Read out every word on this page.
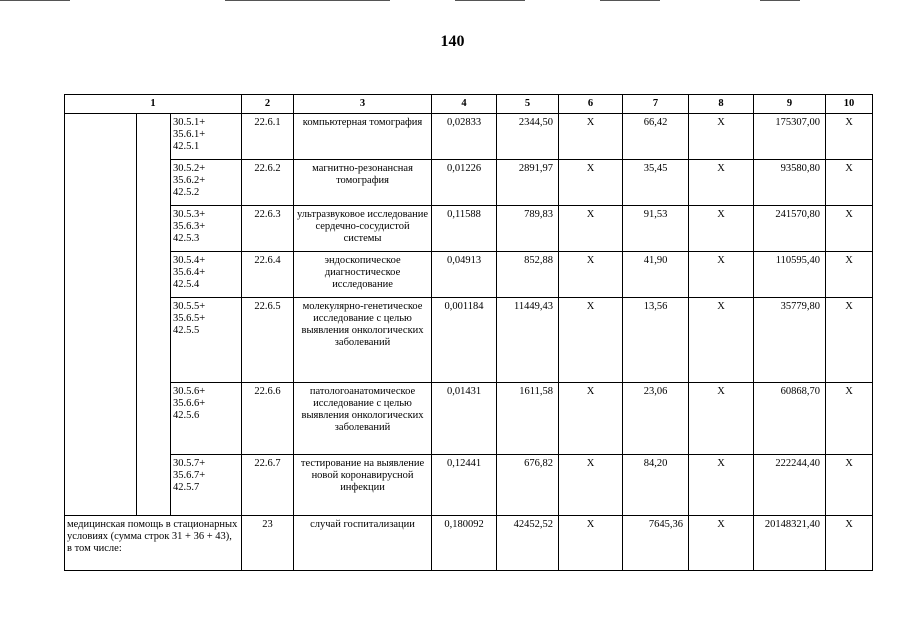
140
1			2	3	4	5	6	7	8	9	10
		30.5.1+
35.6.1+
42.5.1	22.6.1	компьютерная томография	0,02833	2344,50	X	66,42	X	175307,00	X
		30.5.2+
35.6.2+
42.5.2	22.6.2	магнитно-резонансная томография	0,01226	2891,97	X	35,45	X	93580,80	X
		30.5.3+
35.6.3+
42.5.3	22.6.3	ультразвуковое исследование сердечно-сосудистой системы	0,11588	789,83	X	91,53	X	241570,80	X
		30.5.4+
35.6.4+
42.5.4	22.6.4	эндоскопическое диагностическое исследование	0,04913	852,88	X	41,90	X	110595,40	X
		30.5.5+
35.6.5+
42.5.5	22.6.5	молекулярно-генетическое исследование с целью выявления онкологических заболеваний	0,001184	11449,43	X	13,56	X	35779,80	X
		30.5.6+
35.6.6+
42.5.6	22.6.6	патологоанатомическое исследование с целью выявления онкологических заболеваний	0,01431	1611,58	X	23,06	X	60868,70	X
		30.5.7+
35.6.7+
42.5.7	22.6.7	тестирование на выявление новой коронавирусной инфекции	0,12441	676,82	X	84,20	X	222244,40	X
медицинская помощь в стационарных условиях (сумма строк 31 + 36 + 43), в том числе:			23	случай госпитализации	0,180092	42452,52	X	7645,36	X	20148321,40	X
